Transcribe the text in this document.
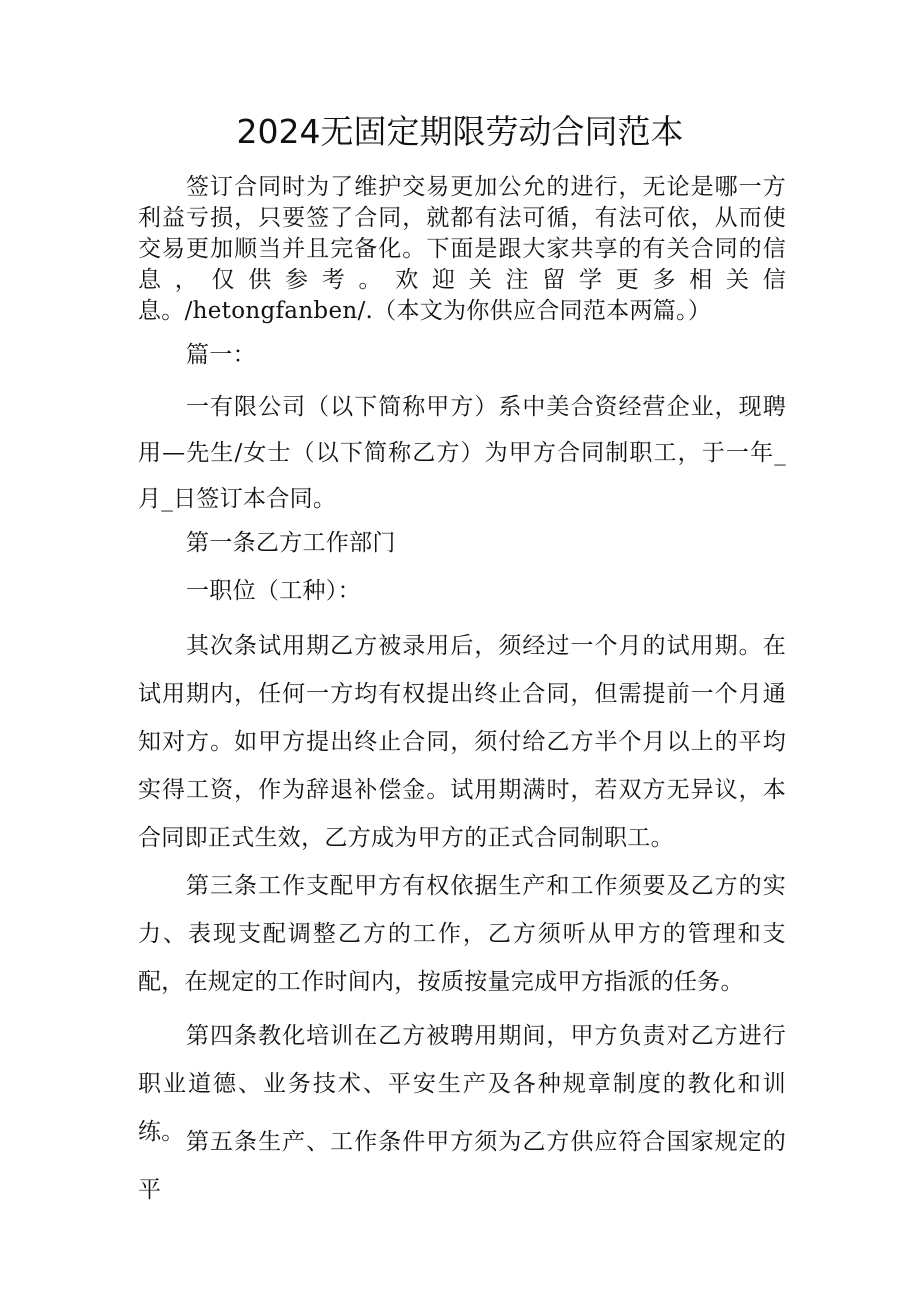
2024无固定期限劳动合同范本

签订合同时为了维护交易更加公允的进行，无论是哪一方利益亏损，只要签了合同，就都有法可循，有法可依，从而使交易更加顺当并且完备化。下面是跟大家共享的有关合同的信息，仅供参考。欢迎关注留学更多相关信息。/hetongfanben/.（本文为你供应合同范本两篇。）

篇一：

一有限公司（以下简称甲方）系中美合资经营企业，现聘用—先生/女士（以下简称乙方）为甲方合同制职工，于一年_月_日签订本合同。

第一条乙方工作部门

一职位（工种）：

其次条试用期乙方被录用后，须经过一个月的试用期。在试用期内，任何一方均有权提出终止合同，但需提前一个月通知对方。如甲方提出终止合同，须付给乙方半个月以上的平均实得工资，作为辞退补偿金。试用期满时，若双方无异议，本合同即正式生效，乙方成为甲方的正式合同制职工。

第三条工作支配甲方有权依据生产和工作须要及乙方的实力、表现支配调整乙方的工作，乙方须听从甲方的管理和支配，在规定的工作时间内，按质按量完成甲方指派的任务。

第四条教化培训在乙方被聘用期间，甲方负责对乙方进行职业道德、业务技术、平安生产及各种规章制度的教化和训练。 第五条生产、工作条件甲方须为乙方供应符合国家规定的平
